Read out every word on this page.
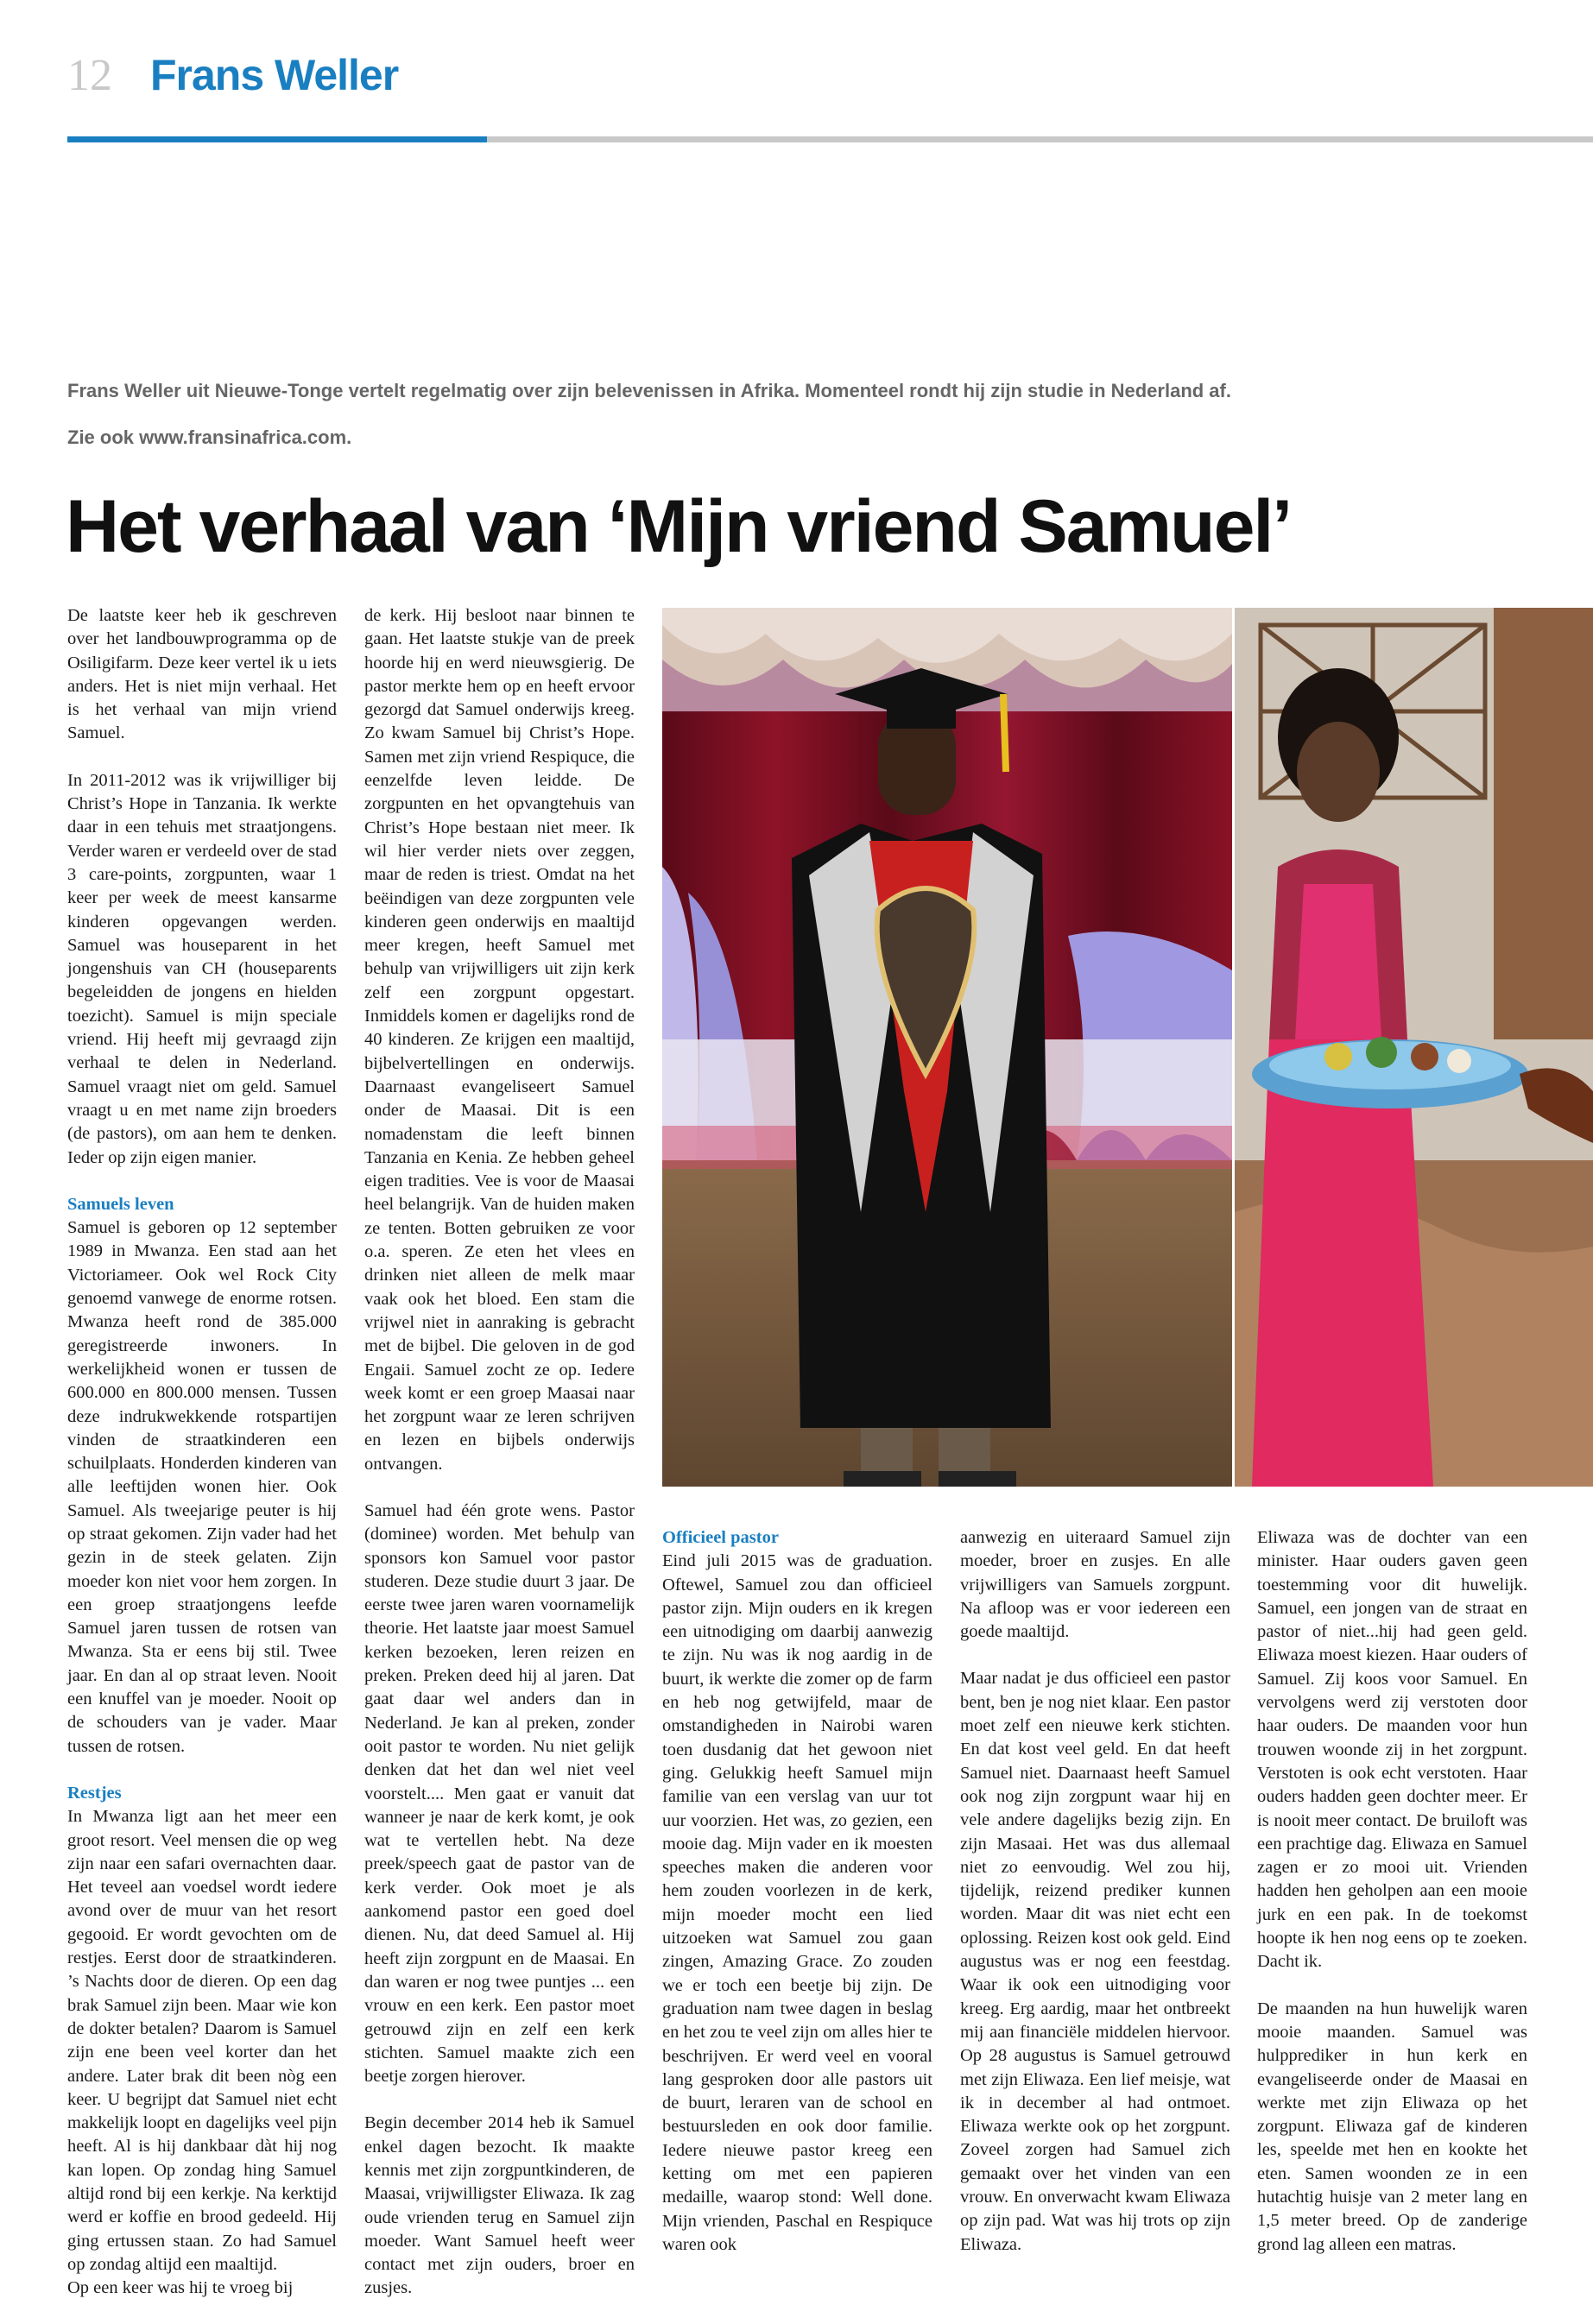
12 Frans Weller

Frans Weller uit Nieuwe-Tonge vertelt regelmatig over zijn belevenissen in Afrika. Momenteel rondt hij zijn studie in Nederland af.

Zie ook www.fransinafrica.com.

Het verhaal van ‘Mijn vriend Samuel’

De laatste keer heb ik geschreven over het landbouwprogramma op de Osiligifarm. Deze keer vertel ik u iets anders. Het is niet mijn verhaal. Het is het verhaal van mijn vriend Samuel.

In 2011-2012 was ik vrijwilliger bij Christ’s Hope in Tanzania. Ik werkte daar in een tehuis met straatjongens. Verder waren er verdeeld over de stad 3 care-points, zorgpunten, waar 1 keer per week de meest kansarme kinderen opgevangen werden. Samuel was houseparent in het jongenshuis van CH (houseparents begeleidden de jongens en hielden toezicht). Samuel is mijn speciale vriend. Hij heeft mij gevraagd zijn verhaal te delen in Nederland. Samuel vraagt niet om geld. Samuel vraagt u en met name zijn broeders (de pastors), om aan hem te denken. Ieder op zijn eigen manier.

Samuels leven

Samuel is geboren op 12 september 1989 in Mwanza. Een stad aan het Victoriameer. Ook wel Rock City genoemd vanwege de enorme rotsen. Mwanza heeft rond de 385.000 geregistreerde inwoners. In werkelijkheid wonen er tussen de 600.000 en 800.000 mensen. Tussen deze indrukwekkende rotspartijen vinden de straatkinderen een schuilplaats. Honderden kinderen van alle leeftijden wonen hier. Ook Samuel. Als tweejarige peuter is hij op straat gekomen. Zijn vader had het gezin in de steek gelaten. Zijn moeder kon niet voor hem zorgen. In een groep straatjongens leefde Samuel jaren tussen de rotsen van Mwanza. Sta er eens bij stil. Twee jaar. En dan al op straat leven. Nooit een knuffel van je moeder. Nooit op de schouders van je vader. Maar tussen de rotsen.

Restjes

In Mwanza ligt aan het meer een groot resort. Veel mensen die op weg zijn naar een safari overnachten daar. Het teveel aan voedsel wordt iedere avond over de muur van het resort gegooid. Er wordt gevochten om de restjes. Eerst door de straatkinderen. ’s Nachts door de dieren. Op een dag brak Samuel zijn been. Maar wie kon de dokter betalen? Daarom is Samuel zijn ene been veel korter dan het andere. Later brak dit been nòg een keer. U begrijpt dat Samuel niet echt makkelijk loopt en dagelijks veel pijn heeft. Al is hij dankbaar dàt hij nog kan lopen. Op zondag hing Samuel altijd rond bij een kerkje. Na kerktijd werd er koffie en brood gedeeld. Hij ging ertussen staan. Zo had Samuel op zondag altijd een maaltijd.

Op een keer was hij te vroeg bij

de kerk. Hij besloot naar binnen te gaan. Het laatste stukje van de preek hoorde hij en werd nieuwsgierig. De pastor merkte hem op en heeft ervoor gezorgd dat Samuel onderwijs kreeg. Zo kwam Samuel bij Christ’s Hope. Samen met zijn vriend Respiquce, die eenzelfde leven leidde. De zorgpunten en het opvangtehuis van Christ’s Hope bestaan niet meer. Ik wil hier verder niets over zeggen, maar de reden is triest. Omdat na het beëindigen van deze zorgpunten vele kinderen geen onderwijs en maaltijd meer kregen, heeft Samuel met behulp van vrijwilligers uit zijn kerk zelf een zorgpunt opgestart. Inmiddels komen er dagelijks rond de 40 kinderen. Ze krijgen een maaltijd, bijbelvertellingen en onderwijs. Daarnaast evangeliseert Samuel onder de Maasai. Dit is een nomadenstam die leeft binnen Tanzania en Kenia. Ze hebben geheel eigen tradities. Vee is voor de Maasai heel belangrijk. Van de huiden maken ze tenten. Botten gebruiken ze voor o.a. speren. Ze eten het vlees en drinken niet alleen de melk maar vaak ook het bloed. Een stam die vrijwel niet in aanraking is gebracht met de bijbel. Die geloven in de god Engaii. Samuel zocht ze op. Iedere week komt er een groep Maasai naar het zorgpunt waar ze leren schrijven en lezen en bijbels onderwijs ontvangen.

Samuel had één grote wens. Pastor (dominee) worden. Met behulp van sponsors kon Samuel voor pastor studeren. Deze studie duurt 3 jaar. De eerste twee jaren waren voornamelijk theorie. Het laatste jaar moest Samuel kerken bezoeken, leren reizen en preken. Preken deed hij al jaren. Dat gaat daar wel anders dan in Nederland. Je kan al preken, zonder ooit pastor te worden. Nu niet gelijk denken dat het dan wel niet veel voorstelt.... Men gaat er vanuit dat wanneer je naar de kerk komt, je ook wat te vertellen hebt. Na deze preek/speech gaat de pastor van de kerk verder. Ook moet je als aankomend pastor een goed doel dienen. Nu, dat deed Samuel al. Hij heeft zijn zorgpunt en de Maasai. En dan waren er nog twee puntjes ... een vrouw en een kerk. Een pastor moet getrouwd zijn en zelf een kerk stichten. Samuel maakte zich een beetje zorgen hierover.

Begin december 2014 heb ik Samuel enkel dagen bezocht. Ik maakte kennis met zijn zorgpuntkinderen, de Maasai, vrijwilligster Eliwaza. Ik zag oude vrienden terug en Samuel zijn moeder. Want Samuel heeft weer contact met zijn ouders, broer en zusjes.

Officieel pastor

Eind juli 2015 was de graduation. Oftewel, Samuel zou dan officieel pastor zijn. Mijn ouders en ik kregen een uitnodiging om daarbij aanwezig te zijn. Nu was ik nog aardig in de buurt, ik werkte die zomer op de farm en heb nog getwijfeld, maar de omstandigheden in Nairobi waren toen dusdanig dat het gewoon niet ging. Gelukkig heeft Samuel mijn familie van een verslag van uur tot uur voorzien. Het was, zo gezien, een mooie dag. Mijn vader en ik moesten speeches maken die anderen voor hem zouden voorlezen in de kerk, mijn moeder mocht een lied uitzoeken wat Samuel zou gaan zingen, Amazing Grace. Zo zouden we er toch een beetje bij zijn. De graduation nam twee dagen in beslag en het zou te veel zijn om alles hier te beschrijven. Er werd veel en vooral lang gesproken door alle pastors uit de buurt, leraren van de school en bestuursleden en ook door familie. Iedere nieuwe pastor kreeg een ketting om met een papieren medaille, waarop stond: Well done. Mijn vrienden, Paschal en Respiquce waren ook

aanwezig en uiteraard Samuel zijn moeder, broer en zusjes. En alle vrijwilligers van Samuels zorgpunt. Na afloop was er voor iedereen een goede maaltijd.

Maar nadat je dus officieel een pastor bent, ben je nog niet klaar. Een pastor moet zelf een nieuwe kerk stichten. En dat kost veel geld. En dat heeft Samuel niet. Daarnaast heeft Samuel ook nog zijn zorgpunt waar hij en vele andere dagelijks bezig zijn. En zijn Masaai. Het was dus allemaal niet zo eenvoudig. Wel zou hij, tijdelijk, reizend prediker kunnen worden. Maar dit was niet echt een oplossing. Reizen kost ook geld. Eind augustus was er nog een feestdag. Waar ik ook een uitnodiging voor kreeg. Erg aardig, maar het ontbreekt mij aan financiële middelen hiervoor. Op 28 augustus is Samuel getrouwd met zijn Eliwaza. Een lief meisje, wat ik in december al had ontmoet. Eliwaza werkte ook op het zorgpunt. Zoveel zorgen had Samuel zich gemaakt over het vinden van een vrouw. En onverwacht kwam Eliwaza op zijn pad. Wat was hij trots op zijn Eliwaza.

Eliwaza was de dochter van een minister. Haar ouders gaven geen toestemming voor dit huwelijk. Samuel, een jongen van de straat en pastor of niet...hij had geen geld. Eliwaza moest kiezen. Haar ouders of Samuel. Zij koos voor Samuel. En vervolgens werd zij verstoten door haar ouders. De maanden voor hun trouwen woonde zij in het zorgpunt. Verstoten is ook echt verstoten. Haar ouders hadden geen dochter meer. Er is nooit meer contact. De bruiloft was een prachtige dag. Eliwaza en Samuel zagen er zo mooi uit. Vrienden hadden hen geholpen aan een mooie jurk en een pak. In de toekomst hoopte ik hen nog eens op te zoeken. Dacht ik.

De maanden na hun huwelijk waren mooie maanden. Samuel was hulpprediker in hun kerk en evangeliseerde onder de Maasai en werkte met zijn Eliwaza op het zorgpunt. Eliwaza gaf de kinderen les, speelde met hen en kookte het eten. Samen woonden ze in een hutachtig huisje van 2 meter lang en 1,5 meter breed. Op de zanderige grond lag alleen een matras.
